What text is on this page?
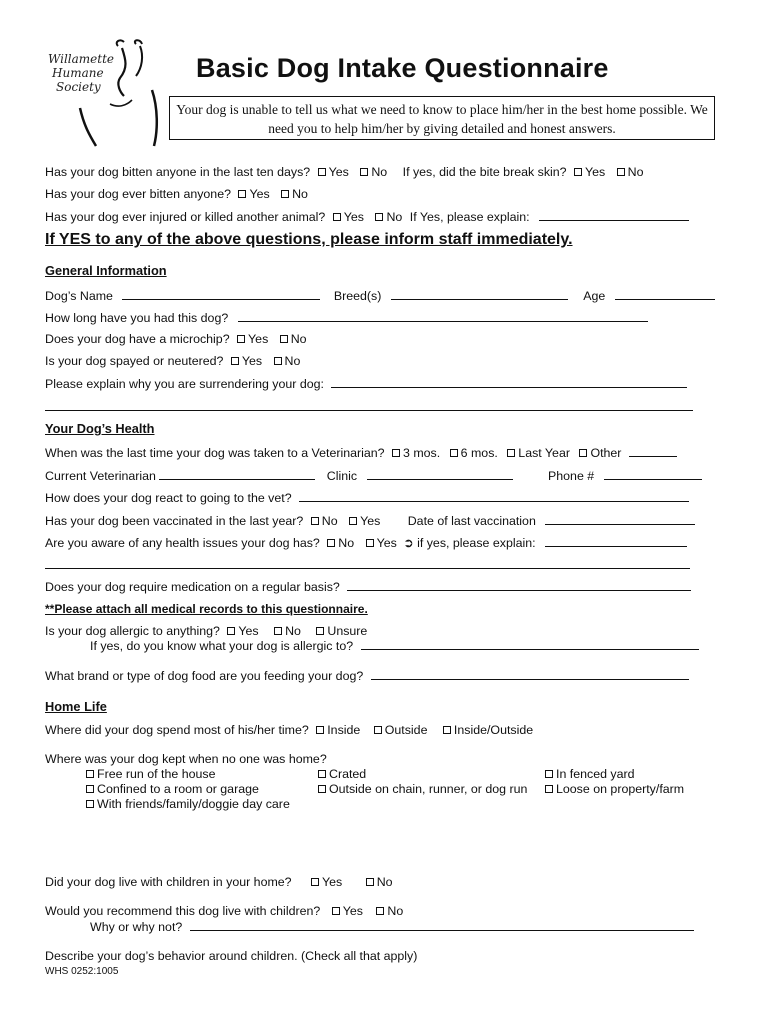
Willamette
Humane
Society
Basic Dog Intake Questionnaire
Your dog is unable to tell us what we need to know to place him/her in the best home possible. We need you to help him/her by giving detailed and honest answers.
Has your dog bitten anyone in the last ten days? Yes No If yes, did the bite break skin? Yes No
Has your dog ever bitten anyone? Yes No
Has your dog ever injured or killed another animal? Yes No If Yes, please explain:
If YES to any of the above questions, please inform staff immediately.
General Information
Dog’s Name	Breed(s)	Age
How long have you had this dog?
Does your dog have a microchip? Yes No
Is your dog spayed or neutered? Yes No
Please explain why you are surrendering your dog:
Your Dog’s Health
When was the last time your dog was taken to a Veterinarian? 3 mos. 6 mos. Last Year Other
Current Veterinarian	Clinic	Phone #
How does your dog react to going to the vet?
Has your dog been vaccinated in the last year? No Yes Date of last vaccination
Are you aware of any health issues your dog has? No Yes ➲ if yes, please explain:
Does your dog require medication on a regular basis?
**Please attach all medical records to this questionnaire.
Is your dog allergic to anything? Yes No Unsure
If yes, do you know what your dog is allergic to?
What brand or type of dog food are you feeding your dog?
Home Life
Where did your dog spend most of his/her time? Inside Outside Inside/Outside
Where was your dog kept when no one was home?
Free run of the house	Crated	In fenced yard
Confined to a room or garage	Outside on chain, runner, or dog run	Loose on property/farm
With friends/family/doggie day care
Did your dog live with children in your home? Yes	No
Would you recommend this dog live with children? Yes No
Why or why not?
Describe your dog’s behavior around children. (Check all that apply)
WHS 0252:1005
